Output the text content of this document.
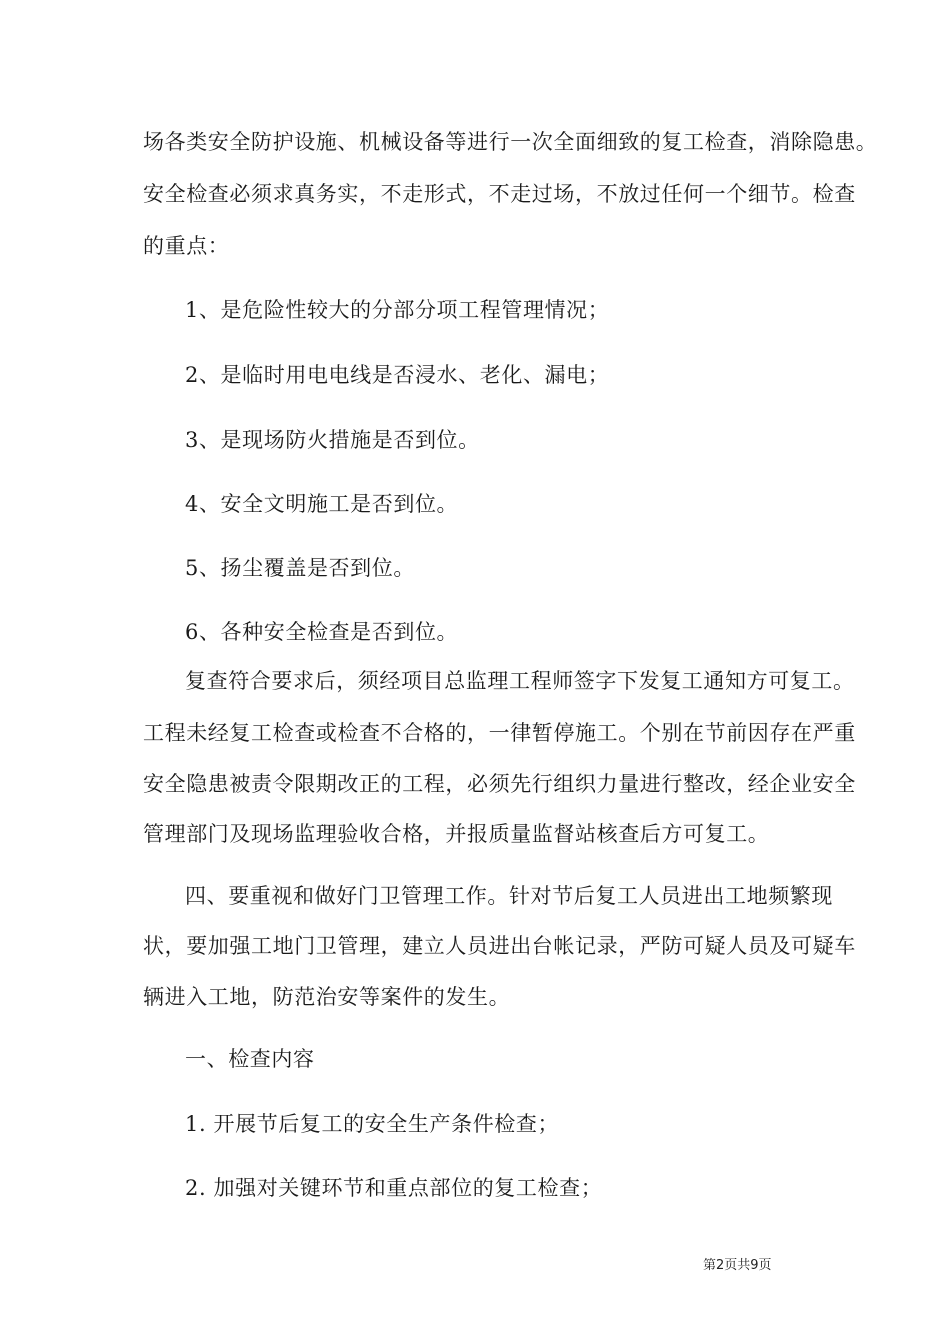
场各类安全防护设施、机械设备等进行一次全面细致的复工检查，消除隐患。
安全检查必须求真务实，不走形式，不走过场，不放过任何一个细节。检查
的重点：
1、是危险性较大的分部分项工程管理情况；
2、是临时用电电线是否浸水、老化、漏电；
3、是现场防火措施是否到位。
4、安全文明施工是否到位。
5、扬尘覆盖是否到位。
6、各种安全检查是否到位。
复查符合要求后，须经项目总监理工程师签字下发复工通知方可复工。
工程未经复工检查或检查不合格的，一律暂停施工。个别在节前因存在严重
安全隐患被责令限期改正的工程，必须先行组织力量进行整改，经企业安全
管理部门及现场监理验收合格，并报质量监督站核查后方可复工。
四、要重视和做好门卫管理工作。针对节后复工人员进出工地频繁现
状，要加强工地门卫管理，建立人员进出台帐记录，严防可疑人员及可疑车
辆进入工地，防范治安等案件的发生。
一、检查内容
1. 开展节后复工的安全生产条件检查；
2. 加强对关键环节和重点部位的复工检查；
第2页共9页
